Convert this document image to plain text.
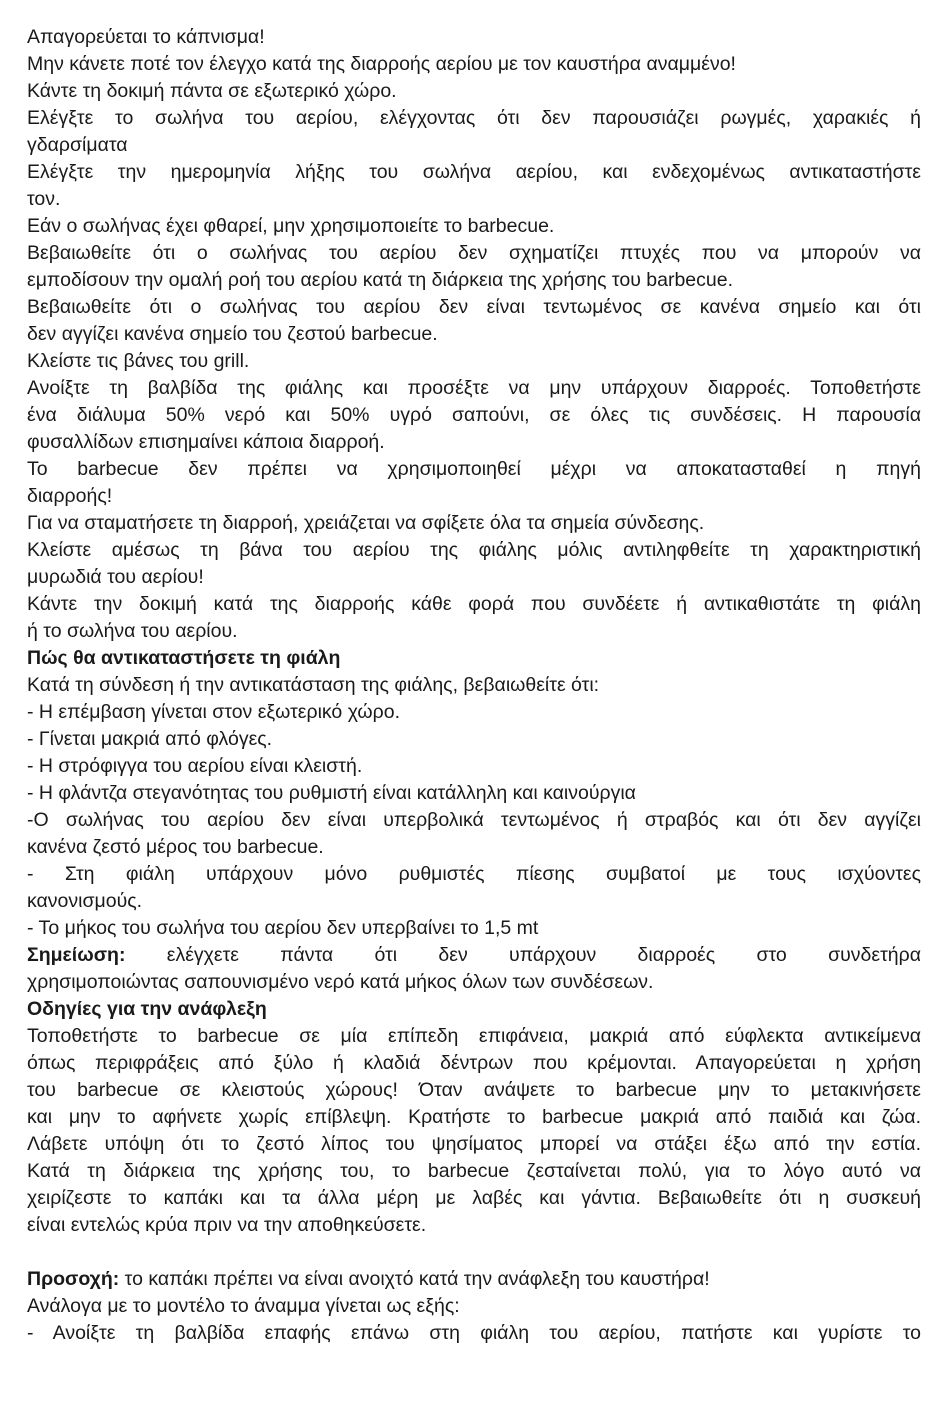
Απαγορεύεται το κάπνισμα!

Μην κάνετε ποτέ τον έλεγχο κατά της διαρροής αερίου με τον καυστήρα αναμμένο!

Κάντε τη δοκιμή πάντα σε εξωτερικό χώρο.

Ελέγξτε το σωλήνα του αερίου, ελέγχοντας ότι δεν παρουσιάζει ρωγμές, χαρακιές ή

γδαρσίματα

Ελέγξτε την ημερομηνία λήξης του σωλήνα αερίου, και ενδεχομένως αντικαταστήστε

τον.

Εάν ο σωλήνας έχει φθαρεί, μην χρησιμοποιείτε το barbecue.

Βεβαιωθείτε ότι ο σωλήνας του αερίου δεν σχηματίζει πτυχές που να μπορούν να

εμποδίσουν την ομαλή ροή του αερίου κατά τη διάρκεια της χρήσης του barbecue.

Βεβαιωθείτε ότι ο σωλήνας του αερίου δεν είναι τεντωμένος σε κανένα σημείο και ότι

δεν αγγίζει κανένα σημείο του ζεστού barbecue.

Κλείστε τις βάνες του grill.

Ανοίξτε τη βαλβίδα της φιάλης και προσέξτε να μην υπάρχουν διαρροές. Τοποθετήστε

ένα διάλυμα 50% νερό και 50% υγρό σαπούνι, σε όλες τις συνδέσεις. Η παρουσία

φυσαλλίδων επισημαίνει κάποια διαρροή.

Το barbecue δεν πρέπει να χρησιμοποιηθεί μέχρι να αποκατασταθεί η πηγή

διαρροής!

Για να σταματήσετε τη διαρροή, χρειάζεται να σφίξετε όλα τα σημεία σύνδεσης.

Κλείστε αμέσως τη βάνα του αερίου της φιάλης μόλις αντιληφθείτε τη χαρακτηριστική

μυρωδιά του αερίου!

Κάντε την δοκιμή κατά της διαρροής κάθε φορά που συνδέετε ή αντικαθιστάτε τη φιάλη

ή το σωλήνα του αερίου.

Πώς θα αντικαταστήσετε τη φιάλη

Κατά τη σύνδεση ή την αντικατάσταση της φιάλης, βεβαιωθείτε ότι:

- Η επέμβαση γίνεται στον εξωτερικό χώρο.

- Γίνεται μακριά από φλόγες.

- Η στρόφιγγα του αερίου είναι κλειστή.

- Η φλάντζα στεγανότητας του ρυθμιστή είναι κατάλληλη και καινούργια

-Ο σωλήνας του αερίου δεν είναι υπερβολικά τεντωμένος ή στραβός και ότι δεν αγγίζει

κανένα ζεστό μέρος του barbecue.

- Στη φιάλη υπάρχουν μόνο ρυθμιστές πίεσης συμβατοί με τους ισχύοντες

κανονισμούς.

- Το μήκος του σωλήνα του αερίου δεν υπερβαίνει το 1,5 mt

Σημείωση: ελέγχετε πάντα ότι δεν υπάρχουν διαρροές στο συνδετήρα

χρησιμοποιώντας σαπουνισμένο νερό κατά μήκος όλων των συνδέσεων.

Οδηγίες για την ανάφλεξη

Τοποθετήστε το barbecue σε μία επίπεδη επιφάνεια, μακριά από εύφλεκτα αντικείμενα

όπως περιφράξεις από ξύλο ή κλαδιά δέντρων που κρέμονται. Απαγορεύεται η χρήση

του barbecue σε κλειστούς χώρους! Όταν ανάψετε το barbecue μην το μετακινήσετε

και μην το αφήνετε χωρίς επίβλεψη. Κρατήστε το barbecue μακριά από παιδιά και ζώα.

Λάβετε υπόψη ότι το ζεστό λίπος του ψησίματος μπορεί να στάξει έξω από την εστία.

Κατά τη διάρκεια της χρήσης του, το barbecue ζεσταίνεται πολύ, για το λόγο αυτό να

χειρίζεστε το καπάκι και τα άλλα μέρη με λαβές και γάντια. Βεβαιωθείτε ότι η συσκευή

είναι εντελώς κρύα πριν να την αποθηκεύσετε.

Προσοχή: το καπάκι πρέπει να είναι ανοιχτό κατά την ανάφλεξη του καυστήρα!

Ανάλογα με το μοντέλο το άναμμα γίνεται ως εξής:

- Ανοίξτε τη βαλβίδα επαφής επάνω στη φιάλη του αερίου, πατήστε και γυρίστε το
